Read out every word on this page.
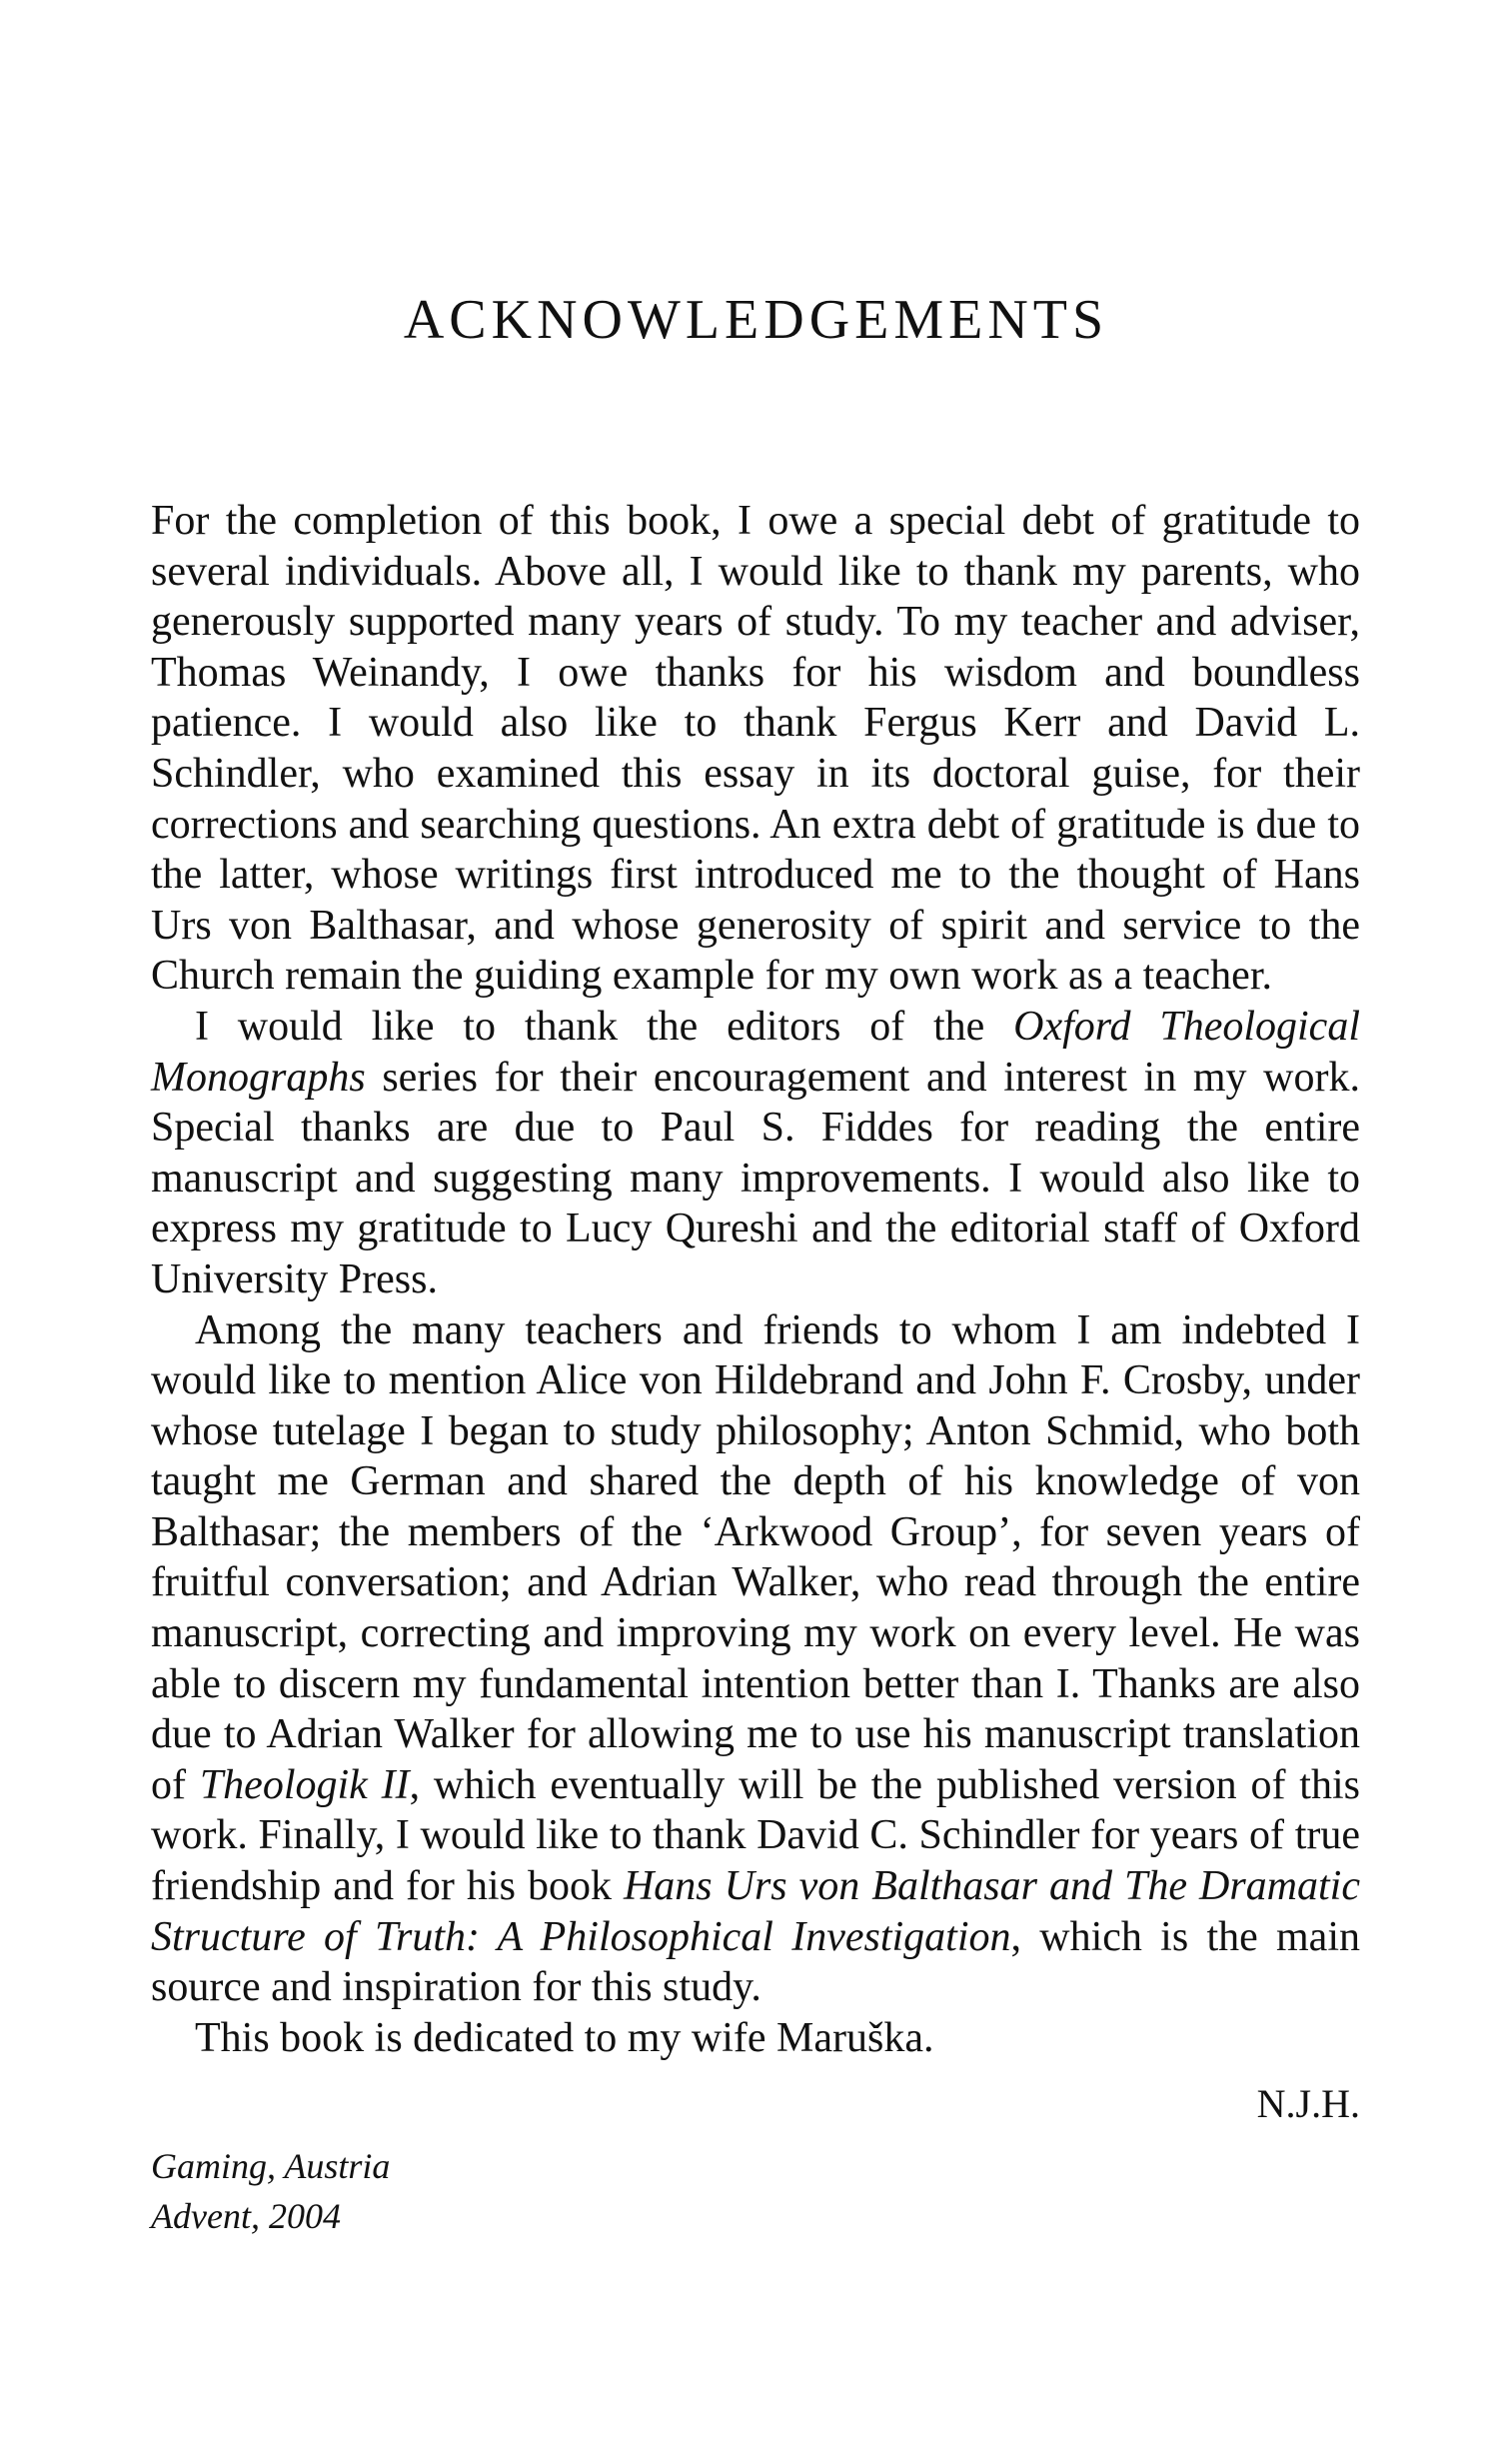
ACKNOWLEDGEMENTS

For the completion of this book, I owe a special debt of gratitude to several individuals. Above all, I would like to thank my parents, who generously supported many years of study. To my teacher and adviser, Thomas Weinandy, I owe thanks for his wisdom and boundless patience. I would also like to thank Fergus Kerr and David L. Schindler, who examined this essay in its doctoral guise, for their corrections and searching questions. An extra debt of gratitude is due to the latter, whose writings first introduced me to the thought of Hans Urs von Balthasar, and whose generosity of spirit and service to the Church remain the guiding example for my own work as a teacher.

I would like to thank the editors of the Oxford Theological Monographs series for their encouragement and interest in my work. Special thanks are due to Paul S. Fiddes for reading the entire manuscript and suggesting many improvements. I would also like to express my gratitude to Lucy Qureshi and the editorial staff of Oxford University Press.

Among the many teachers and friends to whom I am indebted I would like to mention Alice von Hildebrand and John F. Crosby, under whose tutelage I began to study philosophy; Anton Schmid, who both taught me German and shared the depth of his knowledge of von Balthasar; the members of the ‘Arkwood Group’, for seven years of fruitful conversation; and Adrian Walker, who read through the entire manuscript, correcting and improving my work on every level. He was able to discern my fundamental intention better than I. Thanks are also due to Adrian Walker for allowing me to use his manuscript translation of Theologik II, which eventually will be the published version of this work. Finally, I would like to thank David C. Schindler for years of true friendship and for his book Hans Urs von Balthasar and The Dramatic Structure of Truth: A Philosophical Investigation, which is the main source and inspiration for this study.

This book is dedicated to my wife Maruška.

N.J.H.

Gaming, Austria
Advent, 2004
